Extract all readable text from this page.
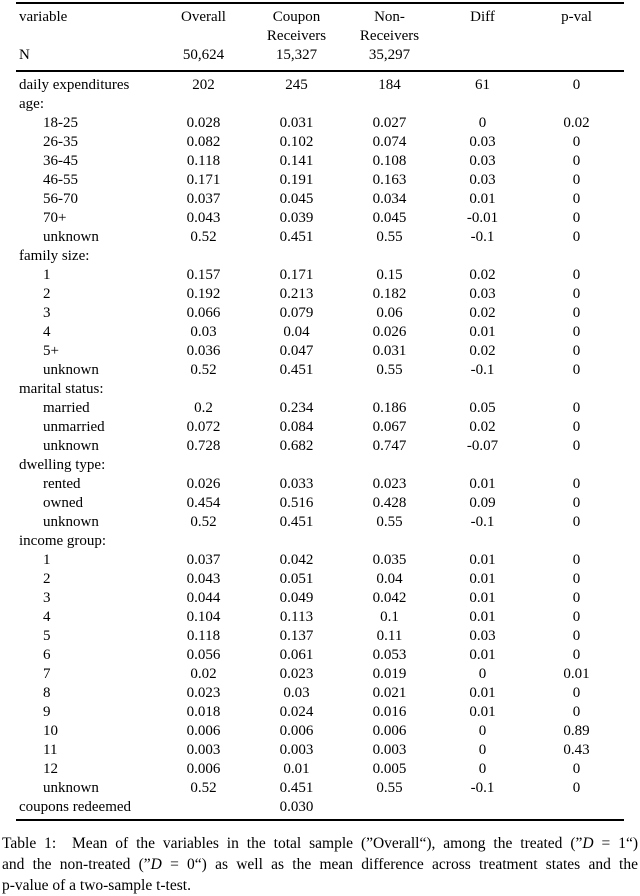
variable	Overall	Coupon	Non-	Diff	p-val
		Receivers	Receivers		
N	50,624	15,327	35,297		
daily expenditures	202	245	184	61	0
age:					
18-25	0.028	0.031	0.027	0	0.02
26-35	0.082	0.102	0.074	0.03	0
36-45	0.118	0.141	0.108	0.03	0
46-55	0.171	0.191	0.163	0.03	0
56-70	0.037	0.045	0.034	0.01	0
70+	0.043	0.039	0.045	-0.01	0
unknown	0.52	0.451	0.55	-0.1	0
family size:					
1	0.157	0.171	0.15	0.02	0
2	0.192	0.213	0.182	0.03	0
3	0.066	0.079	0.06	0.02	0
4	0.03	0.04	0.026	0.01	0
5+	0.036	0.047	0.031	0.02	0
unknown	0.52	0.451	0.55	-0.1	0
marital status:					
married	0.2	0.234	0.186	0.05	0
unmarried	0.072	0.084	0.067	0.02	0
unknown	0.728	0.682	0.747	-0.07	0
dwelling type:					
rented	0.026	0.033	0.023	0.01	0
owned	0.454	0.516	0.428	0.09	0
unknown	0.52	0.451	0.55	-0.1	0
income group:					
1	0.037	0.042	0.035	0.01	0
2	0.043	0.051	0.04	0.01	0
3	0.044	0.049	0.042	0.01	0
4	0.104	0.113	0.1	0.01	0
5	0.118	0.137	0.11	0.03	0
6	0.056	0.061	0.053	0.01	0
7	0.02	0.023	0.019	0	0.01
8	0.023	0.03	0.021	0.01	0
9	0.018	0.024	0.016	0.01	0
10	0.006	0.006	0.006	0	0.89
11	0.003	0.003	0.003	0	0.43
12	0.006	0.01	0.005	0	0
unknown	0.52	0.451	0.55	-0.1	0
coupons redeemed		0.030			

Table 1:  Mean of the variables in the total sample (”Overall“), among the treated (”D = 1“)
and the non-treated (”D = 0“) as well as the mean difference across treatment states and the
p-value of a two-sample t-test.
